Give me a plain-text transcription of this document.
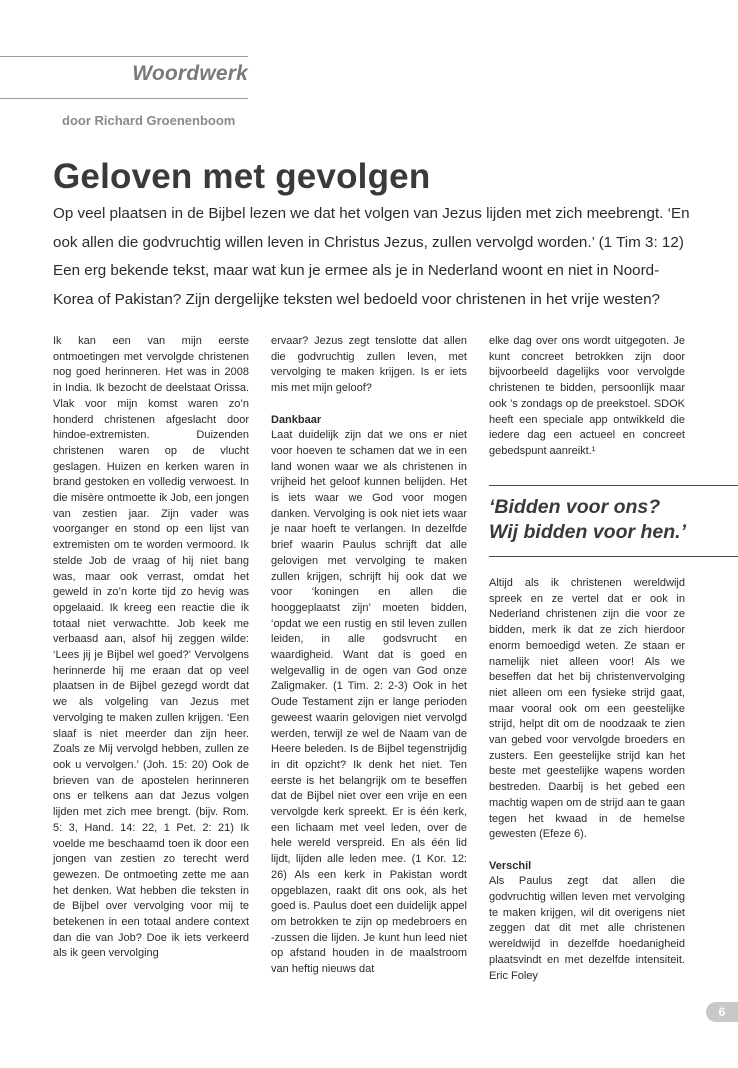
Woordwerk
door Richard Groenenboom
Geloven met gevolgen

Op veel plaatsen in de Bijbel lezen we dat het volgen van Jezus lijden met zich meebrengt. ‘En ook allen die godvruchtig willen leven in Christus Jezus, zullen vervolgd worden.’ (1 Tim 3: 12) Een erg bekende tekst, maar wat kun je ermee als je in Nederland woont en niet in Noord-Korea of Pakistan? Zijn dergelijke teksten wel bedoeld voor christenen in het vrije westen?

Ik kan een van mijn eerste ontmoetingen met vervolgde christenen nog goed herinneren. Het was in 2008 in India. Ik bezocht de deelstaat Orissa. Vlak voor mijn komst waren zo’n honderd christenen afgeslacht door hindoe-extremisten. Duizenden christenen waren op de vlucht geslagen. Huizen en kerken waren in brand gestoken en volledig verwoest. In die misère ontmoette ik Job, een jongen van zestien jaar. Zijn vader was voorganger en stond op een lijst van extremisten om te worden vermoord. Ik stelde Job de vraag of hij niet bang was, maar ook verrast, omdat het geweld in zo’n korte tijd zo hevig was opgelaaid. Ik kreeg een reactie die ik totaal niet verwachtte. Job keek me verbaasd aan, alsof hij zeggen wilde: ‘Lees jij je Bijbel wel goed?’ Vervolgens herinnerde hij me eraan dat op veel plaatsen in de Bijbel gezegd wordt dat we als volgeling van Jezus met vervolging te maken zullen krijgen. ‘Een slaaf is niet meerder dan zijn heer. Zoals ze Mij vervolgd hebben, zullen ze ook u vervolgen.’ (Joh. 15: 20) Ook de brieven van de apostelen herinneren ons er telkens aan dat Jezus volgen lijden met zich mee brengt. (bijv. Rom. 5: 3, Hand. 14: 22, 1 Pet. 2: 21) Ik voelde me beschaamd toen ik door een jongen van zestien zo terecht werd gewezen. De ontmoeting zette me aan het denken. Wat hebben die teksten in de Bijbel over vervolging voor mij te betekenen in een totaal andere context dan die van Job? Doe ik iets verkeerd als ik geen vervolging

ervaar? Jezus zegt tenslotte dat allen die godvruchtig zullen leven, met vervolging te maken krijgen. Is er iets mis met mijn geloof?

Dankbaar

Laat duidelijk zijn dat we ons er niet voor hoeven te schamen dat we in een land wonen waar we als christenen in vrijheid het geloof kunnen belijden. Het is iets waar we God voor mogen danken. Vervolging is ook niet iets waar je naar hoeft te verlangen. In dezelfde brief waarin Paulus schrijft dat alle gelovigen met vervolging te maken zullen krijgen, schrijft hij ook dat we voor ‘koningen en allen die hooggeplaatst zijn’ moeten bidden, ‘opdat we een rustig en stil leven zullen leiden, in alle godsvrucht en waardigheid. Want dat is goed en welgevallig in de ogen van God onze Zaligmaker. (1 Tim. 2: 2-3) Ook in het Oude Testament zijn er lange perioden geweest waarin gelovigen niet vervolgd werden, terwijl ze wel de Naam van de Heere beleden. Is de Bijbel tegenstrijdig in dit opzicht? Ik denk het niet. Ten eerste is het belangrijk om te beseffen dat de Bijbel niet over een vrije en een vervolgde kerk spreekt. Er is één kerk, een lichaam met veel leden, over de hele wereld verspreid. En als één lid lijdt, lijden alle leden mee. (1 Kor. 12: 26) Als een kerk in Pakistan wordt opgeblazen, raakt dit ons ook, als het goed is. Paulus doet een duidelijk appel om betrokken te zijn op medebroers en -zussen die lijden. Je kunt hun leed niet op afstand houden in de maalstroom van heftig nieuws dat

elke dag over ons wordt uitgegoten. Je kunt concreet betrokken zijn door bijvoorbeeld dagelijks voor vervolgde christenen te bidden, persoonlijk maar ook ’s zondags op de preekstoel. SDOK heeft een speciale app ontwikkeld die iedere dag een actueel en concreet gebedspunt aanreikt.¹

‘Bidden voor ons?
Wij bidden voor hen.’

Altijd als ik christenen wereldwijd spreek en ze vertel dat er ook in Nederland christenen zijn die voor ze bidden, merk ik dat ze zich hierdoor enorm bemoedigd weten. Ze staan er namelijk niet alleen voor! Als we beseffen dat het bij christenvervolging niet alleen om een fysieke strijd gaat, maar vooral ook om een geestelijke strijd, helpt dit om de noodzaak te zien van gebed voor vervolgde broeders en zusters. Een geestelijke strijd kan het beste met geestelijke wapens worden bestreden. Daarbij is het gebed een machtig wapen om de strijd aan te gaan tegen het kwaad in de hemelse gewesten (Efeze 6).

Verschil

Als Paulus zegt dat allen die godvruchtig willen leven met vervolging te maken krijgen, wil dit overigens niet zeggen dat dit met alle christenen wereldwijd in dezelfde hoedanigheid plaatsvindt en met dezelfde intensiteit. Eric Foley

6
